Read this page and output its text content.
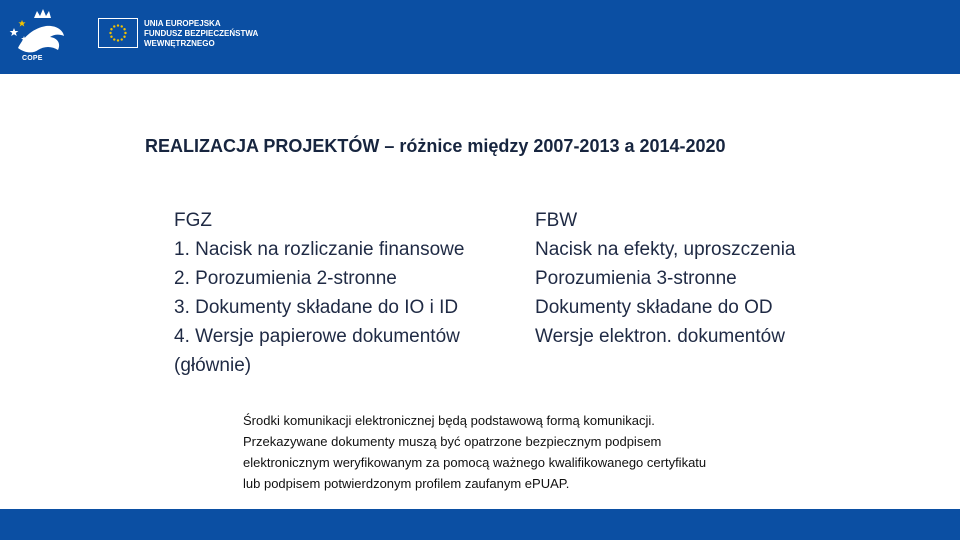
COPE
UNIA EUROPEJSKA
FUNDUSZ BEZPIECZEŃSTWA
WEWNĘTRZNEGO
REALIZACJA PROJEKTÓW – różnice między 2007-2013 a 2014-2020
FGZ
1. Nacisk na rozliczanie finansowe
2. Porozumienia 2-stronne
3. Dokumenty składane do IO i ID
4. Wersje papierowe dokumentów
(głównie)
FBW
Nacisk na efekty, uproszczenia
Porozumienia 3-stronne
Dokumenty składane do OD
Wersje elektron. dokumentów
Środki komunikacji elektronicznej będą podstawową formą komunikacji.
Przekazywane dokumenty muszą być opatrzone bezpiecznym podpisem
elektronicznym weryfikowanym za pomocą ważnego kwalifikowanego certyfikatu
lub podpisem potwierdzonym profilem zaufanym ePUAP.
